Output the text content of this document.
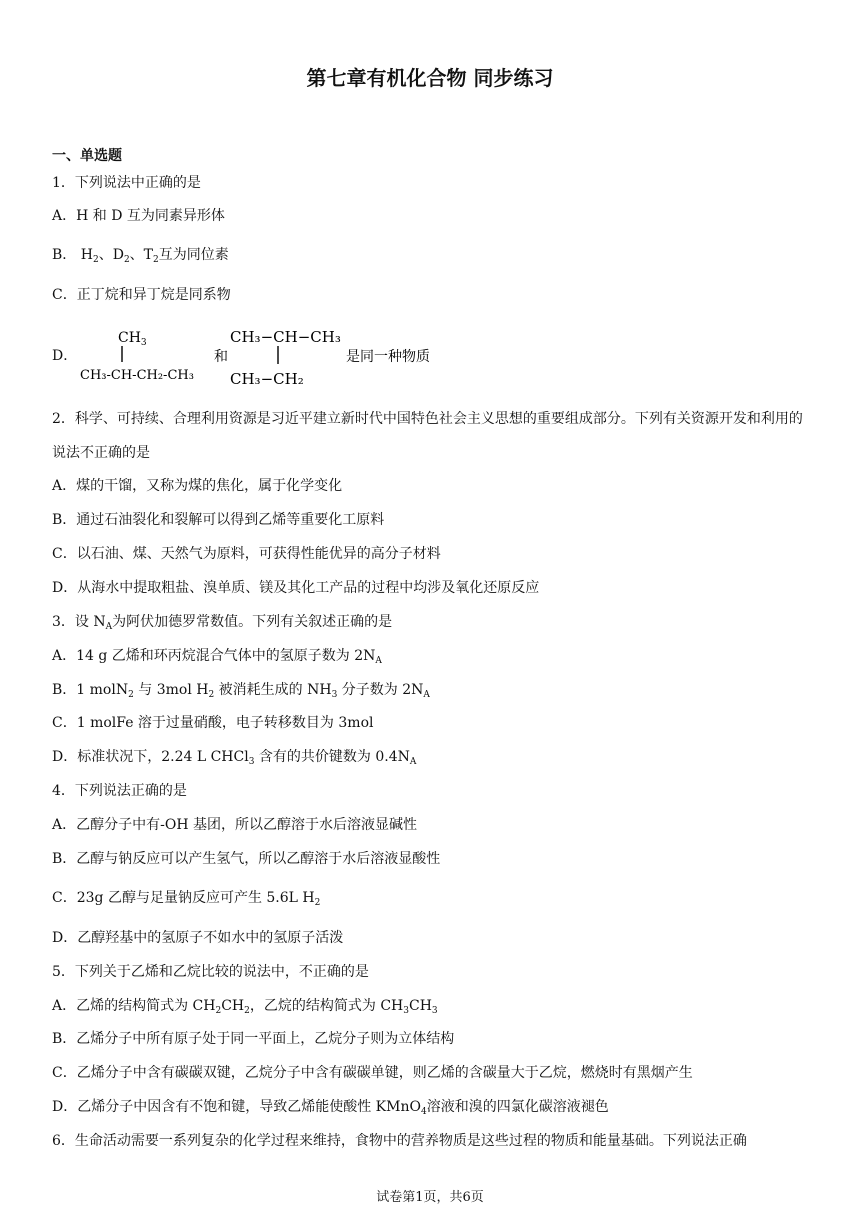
第七章有机化合物 同步练习
一、单选题
1．下列说法中正确的是
A．H 和 D 互为同素异形体
B． $H_2$、$D_2$、$T_2$互为同位素
C．正丁烷和异丁烷是同系物
D．
$CH_3$
CH₃-CH-CH₂-CH₃
和
CH₃−CH−CH₃
CH₃−CH₂
是同一种物质
2．科学、可持续、合理利用资源是习近平建立新时代中国特色社会主义思想的重要组成部分。下列有关资源开发和利用的说法不正确的是
A．煤的干馏，又称为煤的焦化，属于化学变化
B．通过石油裂化和裂解可以得到乙烯等重要化工原料
C．以石油、煤、天然气为原料，可获得性能优异的高分子材料
D．从海水中提取粗盐、溴单质、镁及其化工产品的过程中均涉及氧化还原反应
3．设 $N_A$为阿伏加德罗常数值。下列有关叙述正确的是
A．14 g 乙烯和环丙烷混合气体中的氢原子数为 $2N_A$
B．1 molN$_2$ 与 3mol $H_2$ 被消耗生成的 $NH_3$ 分子数为 $2N_A$
C．1 molFe 溶于过量硝酸，电子转移数目为 3mol
D．标准状况下，2.24 L CHCl$_3$ 含有的共价键数为 $0.4N_A$
4．下列说法正确的是
A．乙醇分子中有-OH 基团，所以乙醇溶于水后溶液显碱性
B．乙醇与钠反应可以产生氢气，所以乙醇溶于水后溶液显酸性
C．23g 乙醇与足量钠反应可产生 5.6L $H_2$
D．乙醇羟基中的氢原子不如水中的氢原子活泼
5．下列关于乙烯和乙烷比较的说法中，不正确的是
A．乙烯的结构简式为 $CH_2CH_2$，乙烷的结构简式为 $CH_3CH_3$
B．乙烯分子中所有原子处于同一平面上，乙烷分子则为立体结构
C．乙烯分子中含有碳碳双键，乙烷分子中含有碳碳单键，则乙烯的含碳量大于乙烷，燃烧时有黑烟产生
D．乙烯分子中因含有不饱和键，导致乙烯能使酸性 KMnO$_4$溶液和溴的四氯化碳溶液褪色
6．生命活动需要一系列复杂的化学过程来维持，食物中的营养物质是这些过程的物质和能量基础。下列说法正确
试卷第1页，共6页
